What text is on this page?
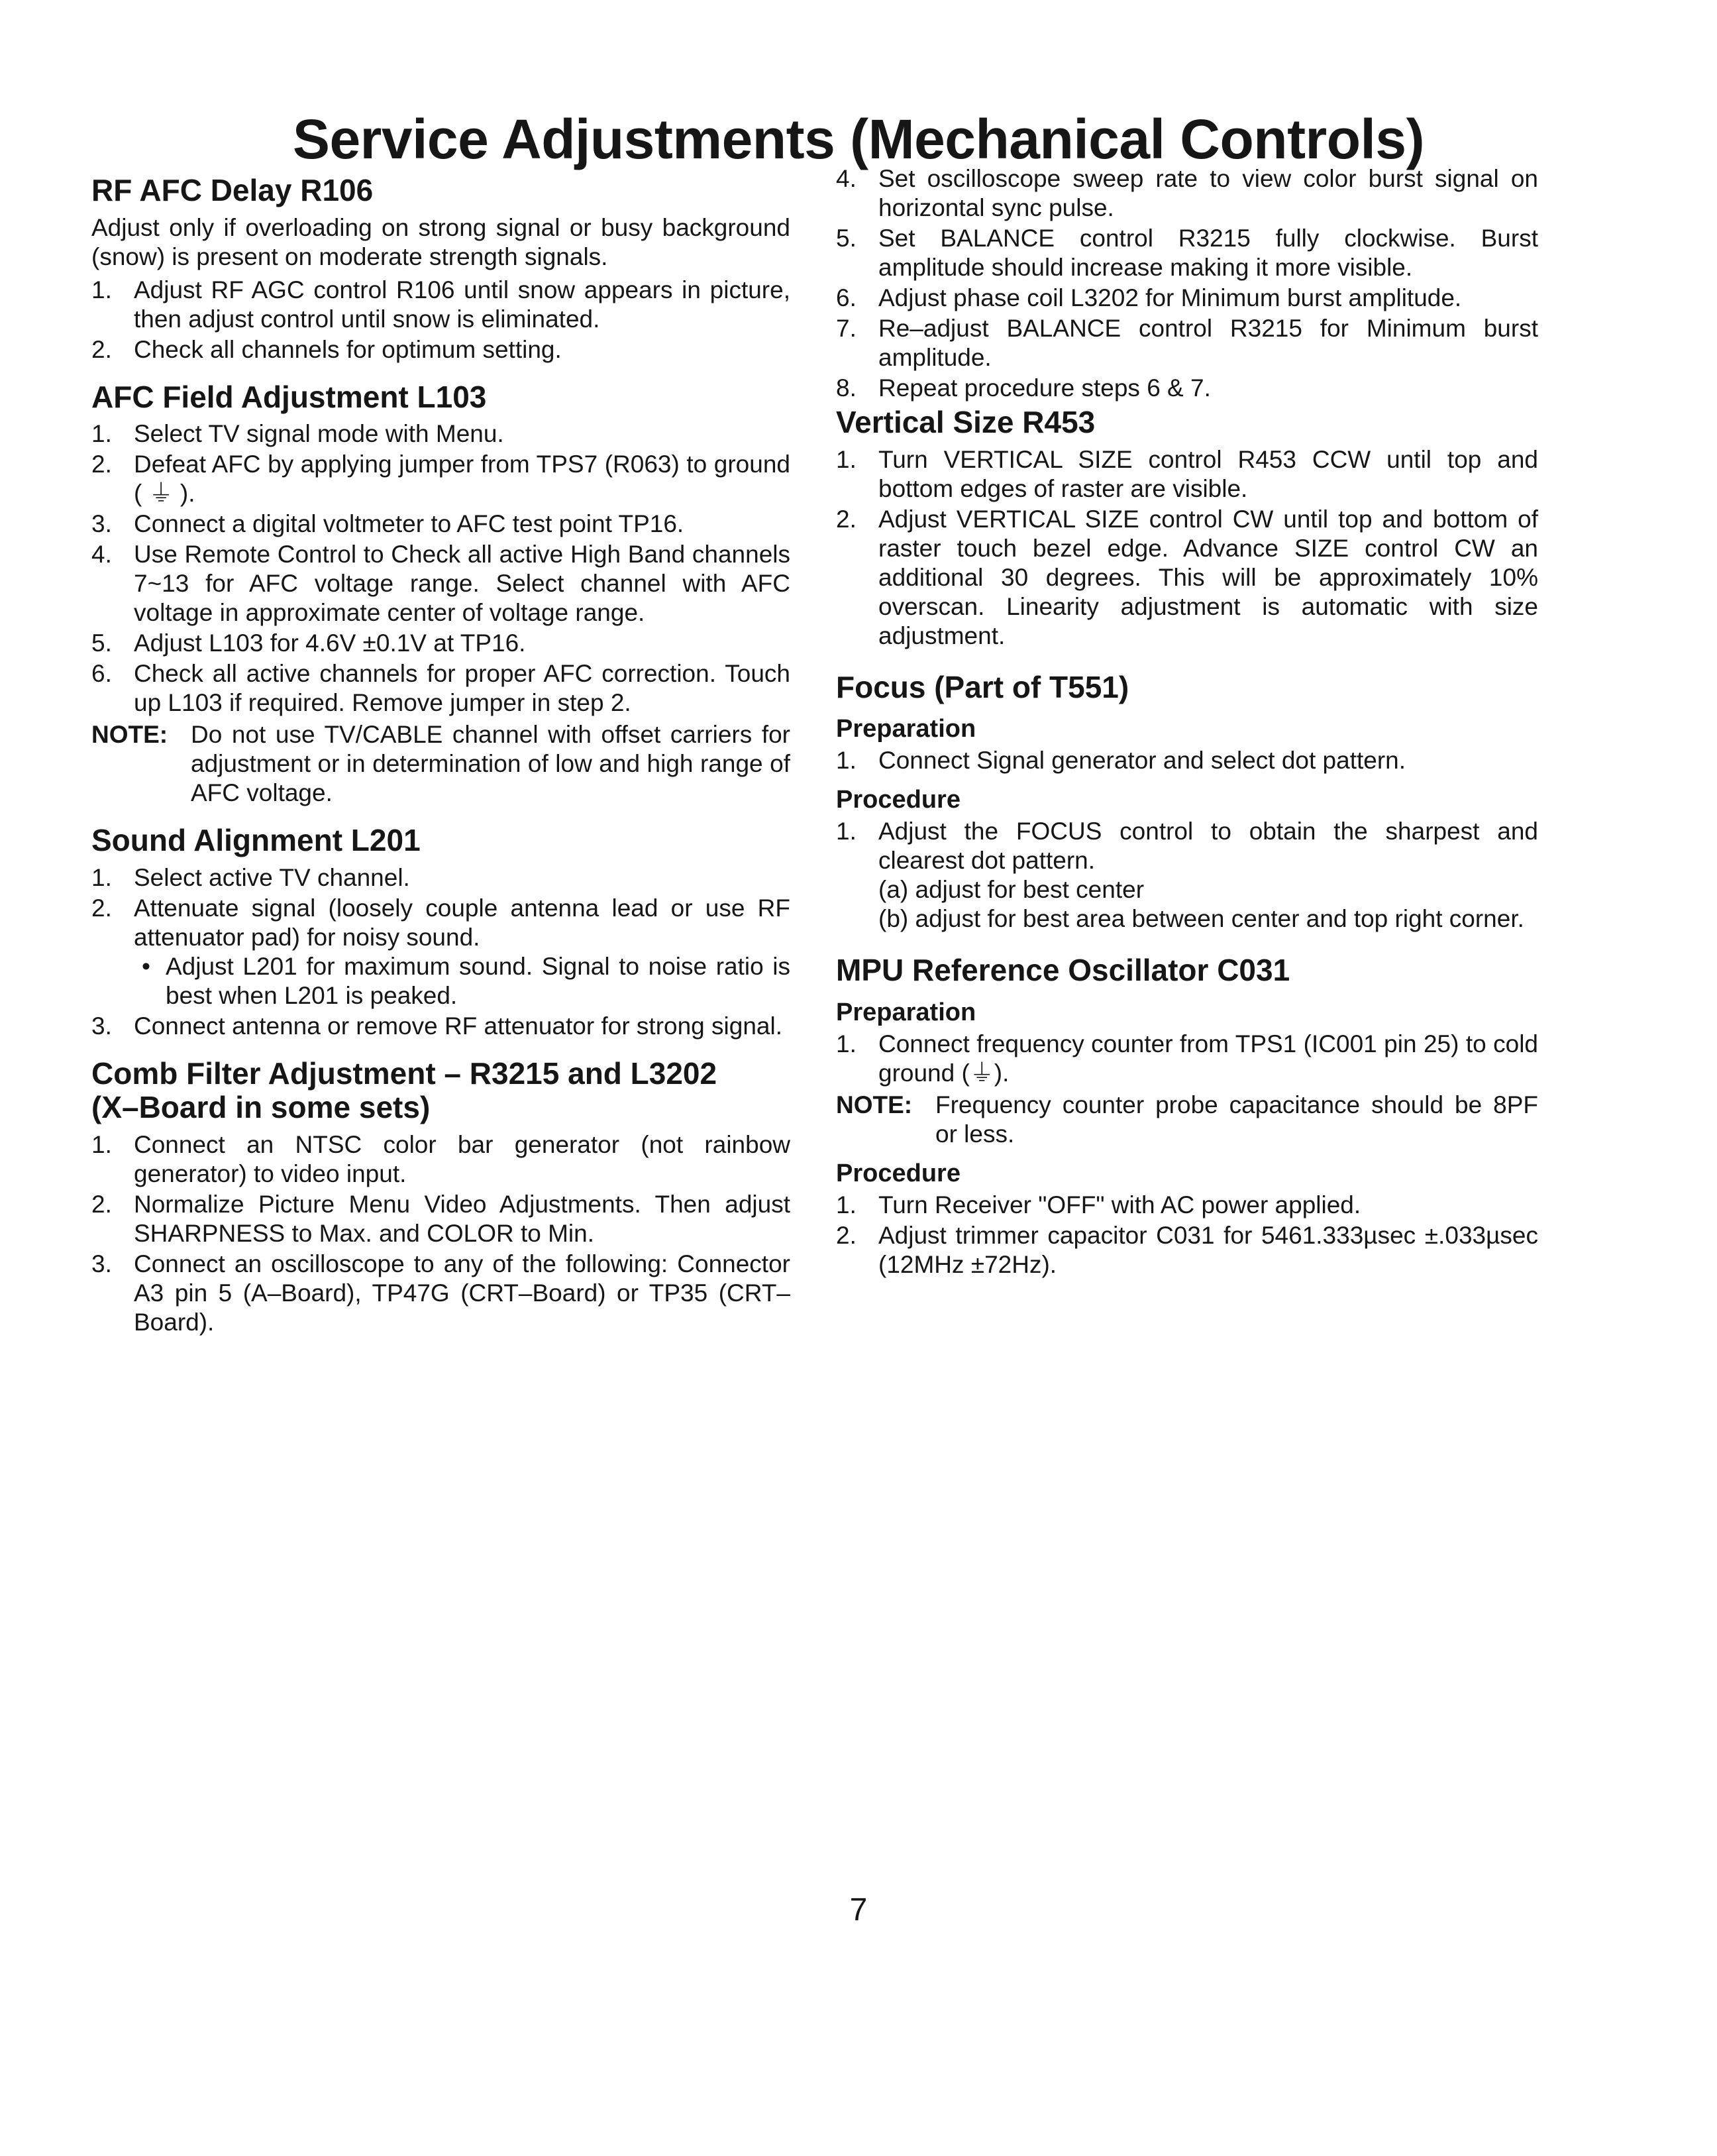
Service Adjustments (Mechanical Controls)
RF AFC Delay R106

Adjust only if overloading on strong signal or busy background (snow) is present on moderate strength signals.

1. Adjust RF AGC control R106 until snow appears in picture, then adjust control until snow is eliminated.
2. Check all channels for optimum setting.
AFC Field Adjustment L103
1. Select TV signal mode with Menu.
2. Defeat AFC by applying jumper from TPS7 (R063) to ground ( ⏚ ).
3. Connect a digital voltmeter to AFC test point TP16.
4. Use Remote Control to Check all active High Band channels 7~13 for AFC voltage range. Select channel with AFC voltage in approximate center of voltage range.
5. Adjust L103 for 4.6V ±0.1V at TP16.
6. Check all active channels for proper AFC correction. Touch up L103 if required. Remove jumper in step 2.
NOTE: Do not use TV/CABLE channel with offset carriers for adjustment or in determination of low and high range of AFC voltage.
Sound Alignment L201
1. Select active TV channel.
2. Attenuate signal (loosely couple antenna lead or use RF attenuator pad) for noisy sound.
• Adjust L201 for maximum sound. Signal to noise ratio is best when L201 is peaked.
3. Connect antenna or remove RF attenuator for strong signal.
Comb Filter Adjustment – R3215 and L3202
(X–Board in some sets)
1. Connect an NTSC color bar generator (not rainbow generator) to video input.
2. Normalize Picture Menu Video Adjustments. Then adjust SHARPNESS to Max. and COLOR to Min.
3. Connect an oscilloscope to any of the following: Connector A3 pin 5 (A–Board), TP47G (CRT–Board) or TP35 (CRT–Board).
4. Set oscilloscope sweep rate to view color burst signal on horizontal sync pulse.
5. Set BALANCE control R3215 fully clockwise. Burst amplitude should increase making it more visible.
6. Adjust phase coil L3202 for Minimum burst amplitude.
7. Re–adjust BALANCE control R3215 for Minimum burst amplitude.
8. Repeat procedure steps 6 & 7.
Vertical Size R453
1. Turn VERTICAL SIZE control R453 CCW until top and bottom edges of raster are visible.
2. Adjust VERTICAL SIZE control CW until top and bottom of raster touch bezel edge. Advance SIZE control CW an additional 30 degrees. This will be approximately 10% overscan. Linearity adjustment is automatic with size adjustment.
Focus (Part of T551)
Preparation
1. Connect Signal generator and select dot pattern.
Procedure
1. Adjust the FOCUS control to obtain the sharpest and clearest dot pattern.
(a) adjust for best center
(b) adjust for best area between center and top right corner.
MPU Reference Oscillator C031
Preparation
1. Connect frequency counter from TPS1 (IC001 pin 25) to cold ground (⏚).
NOTE: Frequency counter probe capacitance should be 8PF or less.
Procedure
1. Turn Receiver "OFF" with AC power applied.
2. Adjust trimmer capacitor C031 for 5461.333µsec ±.033µsec (12MHz ±72Hz).
7
